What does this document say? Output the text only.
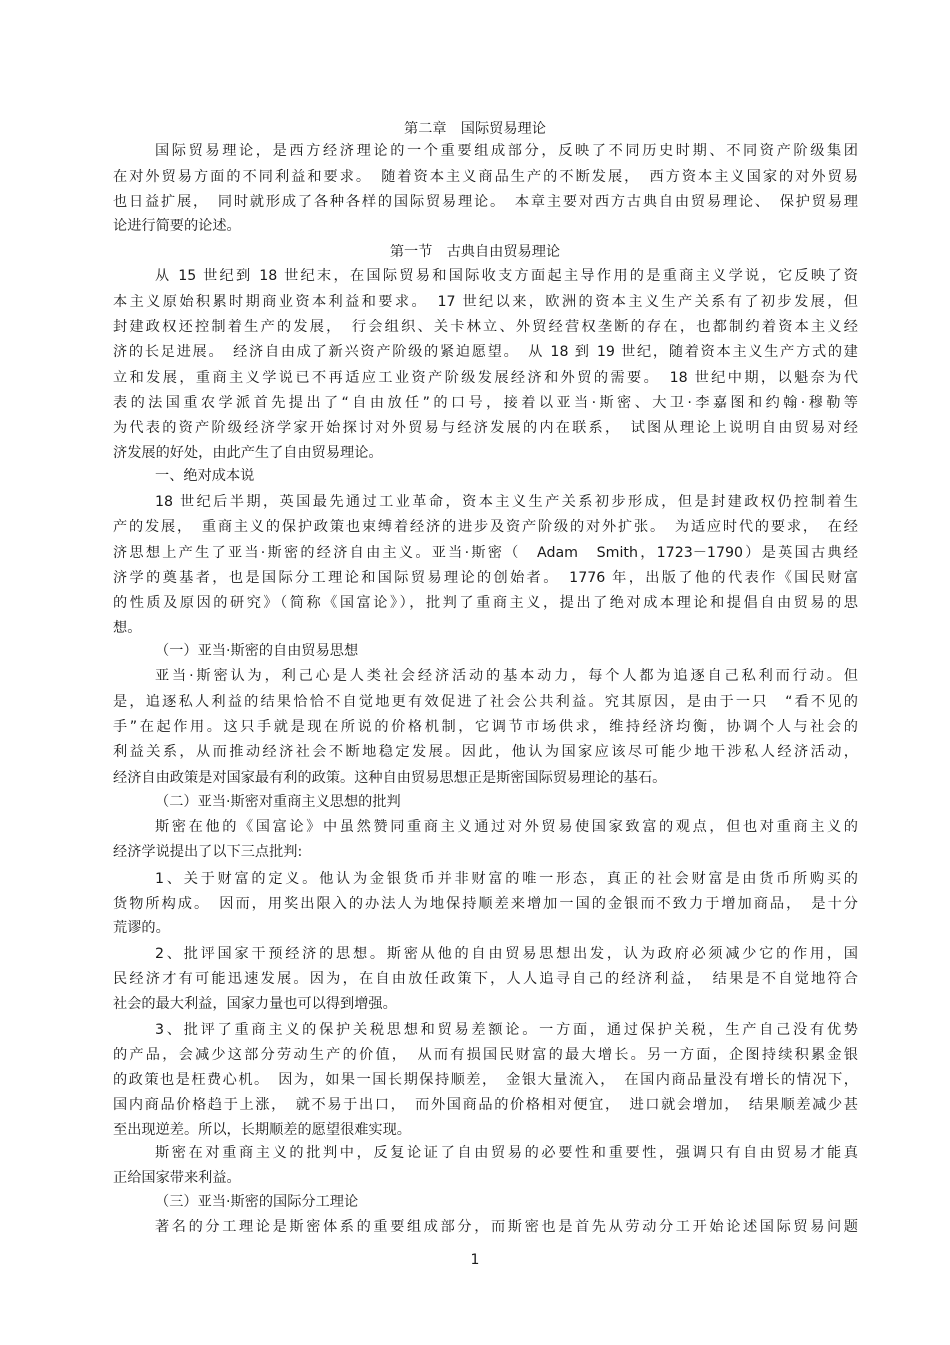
第二章　国际贸易理论
国际贸易理论，是西方经济理论的一个重要组成部分，反映了不同历史时期、不同资产阶级集团
在对外贸易方面的不同利益和要求。　随着资本主义商品生产的不断发展，　西方资本主义国家的对外贸易
也日益扩展，　同时就形成了各种各样的国际贸易理论。　本章主要对西方古典自由贸易理论、　保护贸易理
论进行简要的论述。
第一节　古典自由贸易理论
从 15 世纪到 18 世纪末，在国际贸易和国际收支方面起主导作用的是重商主义学说，它反映了资
本主义原始积累时期商业资本利益和要求。　17 世纪以来，欧洲的资本主义生产关系有了初步发展，但
封建政权还控制着生产的发展，　行会组织、关卡林立、外贸经营权垄断的存在，也都制约着资本主义经
济的长足进展。　经济自由成了新兴资产阶级的紧迫愿望。　从 18 到 19 世纪，随着资本主义生产方式的建
立和发展，重商主义学说已不再适应工业资产阶级发展经济和外贸的需要。　18 世纪中期，以魁奈为代
表的法国重农学派首先提出了“自由放任”的口号，接着以亚当·斯密、大卫·李嘉图和约翰·穆勒等
为代表的资产阶级经济学家开始探讨对外贸易与经济发展的内在联系，　试图从理论上说明自由贸易对经
济发展的好处，由此产生了自由贸易理论。
一、绝对成本说
18 世纪后半期，英国最先通过工业革命，资本主义生产关系初步形成，但是封建政权仍控制着生
产的发展，　重商主义的保护政策也束缚着经济的进步及资产阶级的对外扩张。　为适应时代的要求，　在经
济思想上产生了亚当·斯密的经济自由主义。亚当·斯密（　Adam　Smith，1723－1790）是英国古典经
济学的奠基者，也是国际分工理论和国际贸易理论的创始者。　1776 年，出版了他的代表作《国民财富
的性质及原因的研究》（简称《国富论》），批判了重商主义，提出了绝对成本理论和提倡自由贸易的思
想。
（一）亚当·斯密的自由贸易思想
亚当·斯密认为，利己心是人类社会经济活动的基本动力，每个人都为追逐自己私利而行动。但
是，追逐私人利益的结果恰恰不自觉地更有效促进了社会公共利益。究其原因，是由于一只　“看不见的
手”在起作用。这只手就是现在所说的价格机制，它调节市场供求，维持经济均衡，协调个人与社会的
利益关系，从而推动经济社会不断地稳定发展。因此，他认为国家应该尽可能少地干涉私人经济活动，
经济自由政策是对国家最有利的政策。这种自由贸易思想正是斯密国际贸易理论的基石。
（二）亚当·斯密对重商主义思想的批判
斯密在他的《国富论》中虽然赞同重商主义通过对外贸易使国家致富的观点，但也对重商主义的
经济学说提出了以下三点批判:
1、关于财富的定义。他认为金银货币并非财富的唯一形态，真正的社会财富是由货币所购买的
货物所构成。　因而，用奖出限入的办法人为地保持顺差来增加一国的金银而不致力于增加商品，　是十分
荒谬的。
2、批评国家干预经济的思想。斯密从他的自由贸易思想出发，认为政府必须减少它的作用，国
民经济才有可能迅速发展。因为，在自由放任政策下，人人追寻自己的经济利益，　结果是不自觉地符合
社会的最大利益，国家力量也可以得到增强。
3、批评了重商主义的保护关税思想和贸易差额论。一方面，通过保护关税，生产自己没有优势
的产品，会减少这部分劳动生产的价值，　从而有损国民财富的最大增长。另一方面，企图持续积累金银
的政策也是枉费心机。　因为，如果一国长期保持顺差，　金银大量流入，　在国内商品量没有增长的情况下，
国内商品价格趋于上涨，　就不易于出口，　而外国商品的价格相对便宜，　进口就会增加，　结果顺差减少甚
至出现逆差。所以，长期顺差的愿望很难实现。
斯密在对重商主义的批判中，反复论证了自由贸易的必要性和重要性，强调只有自由贸易才能真
正给国家带来利益。
（三）亚当·斯密的国际分工理论
著名的分工理论是斯密体系的重要组成部分，而斯密也是首先从劳动分工开始论述国际贸易问题
1
